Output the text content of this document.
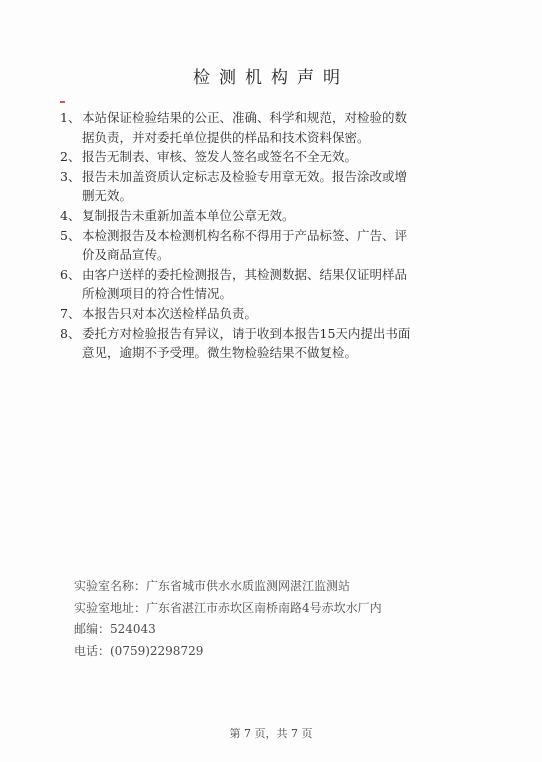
检测机构声明
1、 本站保证检验结果的公正、准确、科学和规范，对检验的数
据负责，并对委托单位提供的样品和技术资料保密。
2、 报告无制表、审核、签发人签名或签名不全无效。
3、 报告未加盖资质认定标志及检验专用章无效。报告涂改或增
删无效。
4、 复制报告未重新加盖本单位公章无效。
5、 本检测报告及本检测机构名称不得用于产品标签、广告、评
价及商品宣传。
6、 由客户送样的委托检测报告，其检测数据、结果仅证明样品
所检测项目的符合性情况。
7、 本报告只对本次送检样品负责。
8、 委托方对检验报告有异议，请于收到本报告15天内提出书面
意见，逾期不予受理。微生物检验结果不做复检。
实验室名称：广东省城市供水水质监测网湛江监测站
实验室地址：广东省湛江市赤坎区南桥南路4号赤坎水厂内
邮编：524043
电话：(0759)2298729
第 7 页，共 7 页
